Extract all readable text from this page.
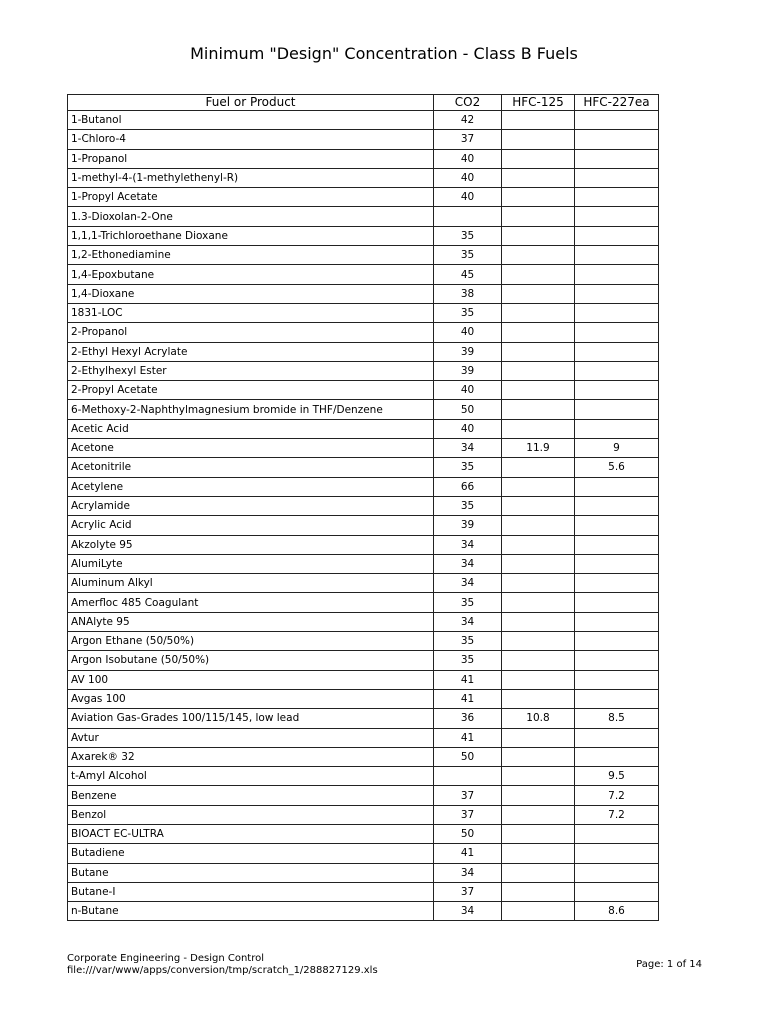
Minimum "Design" Concentration - Class B Fuels
Fuel or Product	CO2	HFC-125	HFC-227ea
1-Butanol	42		
1-Chloro-4	37		
1-Propanol	40		
1-methyl-4-(1-methylethenyl-R)	40		
1-Propyl Acetate	40		
1.3-Dioxolan-2-One			
1,1,1-Trichloroethane Dioxane	35		
1,2-Ethonediamine	35		
1,4-Epoxbutane	45		
1,4-Dioxane	38		
1831-LOC	35		
2-Propanol	40		
2-Ethyl Hexyl Acrylate	39		
2-Ethylhexyl Ester	39		
2-Propyl Acetate	40		
6-Methoxy-2-Naphthylmagnesium bromide in THF/Denzene	50		
Acetic Acid	40		
Acetone	34	11.9	9
Acetonitrile	35		5.6
Acetylene	66		
Acrylamide	35		
Acrylic Acid	39		
Akzolyte 95	34		
AlumiLyte	34		
Aluminum Alkyl	34		
Amerfloc 485 Coagulant	35		
ANAlyte 95	34		
Argon Ethane (50/50%)	35		
Argon Isobutane (50/50%)	35		
AV 100	41		
Avgas 100	41		
Aviation Gas-Grades 100/115/145, low lead	36	10.8	8.5
Avtur	41		
Axarek® 32	50		
t-Amyl Alcohol			9.5
Benzene	37		7.2
Benzol	37		7.2
BIOACT EC-ULTRA	50		
Butadiene	41		
Butane	34		
Butane-I	37		
n-Butane	34		8.6
Corporate Engineering - Design Control
file:///var/www/apps/conversion/tmp/scratch_1/288827129.xls
Page: 1 of 14
